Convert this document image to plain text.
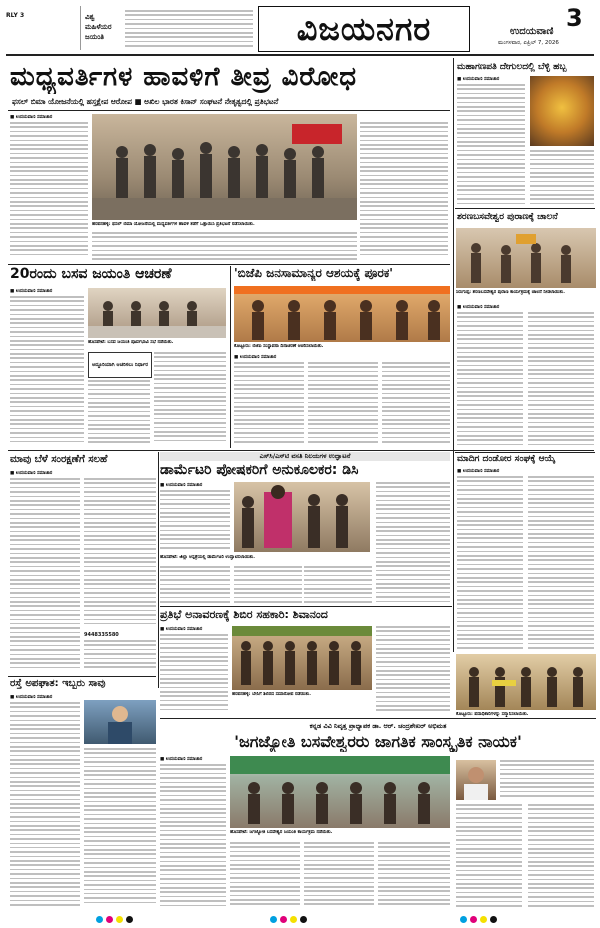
RLY 3	ವಿಶ್ವ ಮಹಿಳೆಯರ ಜಯಂತಿ	ವಿಜಯನಗರ	3
ಉದಯವಾಣಿ
ಮಂಗಳವಾರ, ಏಪ್ರಿಲ್ 7, 2026
ಮಧ್ಯವರ್ತಿಗಳ ಹಾವಳಿಗೆ ತೀವ್ರ ವಿರೋಧ
ಫಸಲ್ ಬಿಮಾ ಯೋಜನೆಯಲ್ಲಿ ಹಸ್ತಕ್ಷೇಪ ಆರೋಪ ■ ಅಖಿಲ ಭಾರತ ಕಿಸಾನ್ ಸಂಘಟನೆ ನೇತೃತ್ವದಲ್ಲಿ ಪ್ರತಿಭಟನೆ
■ ಉದಯವಾಣಿ ಸಮಾಚಾರ
ಹರಪನಹಳ್ಳಿ: ಫಸಲ್ ಬಿಮಾ ಯೋಜನೆಯಲ್ಲಿ ಮಧ್ಯವರ್ತಿಗಳ ಹಾವಳಿ ತಡೆಗೆ ಒತ್ತಾಯಿಸಿ ಪ್ರತಿಭಟನೆ ನಡೆಸಲಾಯಿತು.
ಮಹಾಗಣಪತಿ ದೇಗುಲದಲ್ಲಿ ಬೆಳ್ಳಿ ಹಬ್ಬ
■ ಉದಯವಾಣಿ ಸಮಾಚಾರ
ಶರಣಬಸವೇಶ್ವರ ಪುರಾಣಕ್ಕೆ ಚಾಲನೆ
ಸಿರುಗುಪ್ಪ: ಶರಣಬಸವೇಶ್ವರ ಪುರಾಣ ಕಾರ್ಯಕ್ರಮಕ್ಕೆ ಚಾಲನೆ ನೀಡಲಾಯಿತು.
■ ಉದಯವಾಣಿ ಸಮಾಚಾರ
20ರಂದು ಬಸವ ಜಯಂತಿ ಆಚರಣೆ
■ ಉದಯವಾಣಿ ಸಮಾಚಾರ
ಹೊಸಪೇಟೆ: ಬಸವ ಜಯಂತಿ ಪೂರ್ವಭಾವಿ ಸಭೆ ನಡೆಯಿತು.
ಅದ್ದೂರಿಯಾಗಿ ಆಚರಿಸಲು ನಿರ್ಧಾರ
'ಬಿಜೆಪಿ ಜನಸಾಮಾನ್ಯರ ಆಶಯಕ್ಕೆ ಪೂರಕ'
ಕೊಟ್ಟೂರು: ಬಿಜೆಪಿ ಸಂಸ್ಥಾಪನಾ ದಿನಾಚರಣೆ ಆಚರಿಸಲಾಯಿತು.
■ ಉದಯವಾಣಿ ಸಮಾಚಾರ
ಎಸ್‌ಸಿ/ಎಸ್‌ಟಿ ವಸತಿ ನಿಲಯಗಳ ಉದ್ಘಾಟನೆ
ಡಾರ್ಮೆಟರಿ ಪೋಷಕರಿಗೆ ಅನುಕೂಲಕರ: ಡಿಸಿ
ಮಾವು ಬೆಳೆ ಸಂರಕ್ಷಣೆಗೆ ಸಲಹೆ
■ ಉದಯವಾಣಿ ಸಮಾಚಾರ
9448335580
■ ಉದಯವಾಣಿ ಸಮಾಚಾರ
ಹೊಸಪೇಟೆ: ಜಿಲ್ಲಾ ಆಸ್ಪತ್ರೆಯಲ್ಲಿ ಡಾರ್ಮೆಟರಿ ಉದ್ಘಾಟಿಸಲಾಯಿತು.
ಮಾದಿಗ ದಂಡೋರ ಸಂಘಕ್ಕೆ ಆಯ್ಕೆ
■ ಉದಯವಾಣಿ ಸಮಾಚಾರ
ಕೊಟ್ಟೂರು: ಪದಾಧಿಕಾರಿಗಳನ್ನು ಸನ್ಮಾನಿಸಲಾಯಿತು.
ಪ್ರತಿಭೆ ಅನಾವರಣಕ್ಕೆ ಶಿಬಿರ ಸಹಕಾರಿ: ಶಿವಾನಂದ
■ ಉದಯವಾಣಿ ಸಮಾಚಾರ
ಹರಪನಹಳ್ಳಿ: ಬೇಸಿಗೆ ಶಿಬಿರದ ಸಮಾರೋಪ ನಡೆಯಿತು.
ರಸ್ತೆ ಅಪಘಾತ: ಇಬ್ಬರು ಸಾವು
■ ಉದಯವಾಣಿ ಸಮಾಚಾರ
ಕನ್ನಡ ವಿವಿ ನಿವೃತ್ತ ಪ್ರಾಧ್ಯಾಪಕ ಡಾ. ಆರ್. ಚಂದ್ರಶೇಖರ್ ಅಭಿಮತ
'ಜಗಜ್ಯೋತಿ ಬಸವೇಶ್ವರರು ಜಾಗತಿಕ ಸಾಂಸ್ಕೃತಿಕ ನಾಯಕ'
■ ಉದಯವಾಣಿ ಸಮಾಚಾರ
ಹೊಸಪೇಟೆ: ಜಗಜ್ಯೋತಿ ಬಸವೇಶ್ವರ ಜಯಂತಿ ಕಾರ್ಯಕ್ರಮ ನಡೆಯಿತು.
